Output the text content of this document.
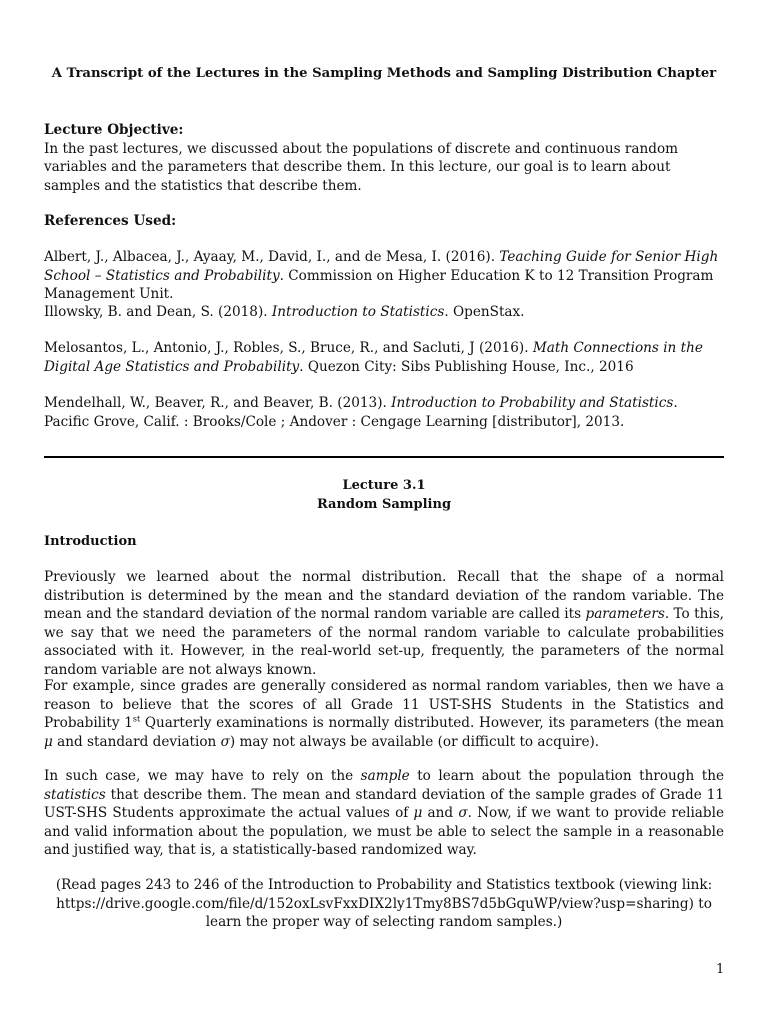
A Transcript of the Lectures in the Sampling Methods and Sampling Distribution Chapter
Lecture Objective:
In the past lectures, we discussed about the populations of discrete and continuous random variables and the parameters that describe them. In this lecture, our goal is to learn about samples and the statistics that describe them.
References Used:
Albert, J., Albacea, J., Ayaay, M., David, I., and de Mesa, I. (2016). Teaching Guide for Senior High School – Statistics and Probability. Commission on Higher Education K to 12 Transition Program Management Unit.
Illowsky, B. and Dean, S. (2018). Introduction to Statistics. OpenStax.
Melosantos, L., Antonio, J., Robles, S., Bruce, R., and Sacluti, J (2016). Math Connections in the Digital Age Statistics and Probability. Quezon City: Sibs Publishing House, Inc., 2016
Mendelhall, W., Beaver, R., and Beaver, B. (2013). Introduction to Probability and Statistics.
Pacific Grove, Calif. : Brooks/Cole ; Andover : Cengage Learning [distributor], 2013.
Lecture 3.1
Random Sampling
Introduction
Previously we learned about the normal distribution. Recall that the shape of a normal distribution is determined by the mean and the standard deviation of the random variable. The mean and the standard deviation of the normal random variable are called its parameters. To this, we say that we need the parameters of the normal random variable to calculate probabilities associated with it. However, in the real-world set-up, frequently, the parameters of the normal random variable are not always known.
For example, since grades are generally considered as normal random variables, then we have a reason to believe that the scores of all Grade 11 UST-SHS Students in the Statistics and Probability 1st Quarterly examinations is normally distributed. However, its parameters (the mean μ and standard deviation σ) may not always be available (or difficult to acquire).
In such case, we may have to rely on the sample to learn about the population through the statistics that describe them. The mean and standard deviation of the sample grades of Grade 11 UST-SHS Students approximate the actual values of μ and σ. Now, if we want to provide reliable and valid information about the population, we must be able to select the sample in a reasonable and justified way, that is, a statistically-based randomized way.
(Read pages 243 to 246 of the Introduction to Probability and Statistics textbook (viewing link: https://drive.google.com/file/d/152oxLsvFxxDIX2ly1Tmy8BS7d5bGquWP/view?usp=sharing) to learn the proper way of selecting random samples.)
1
